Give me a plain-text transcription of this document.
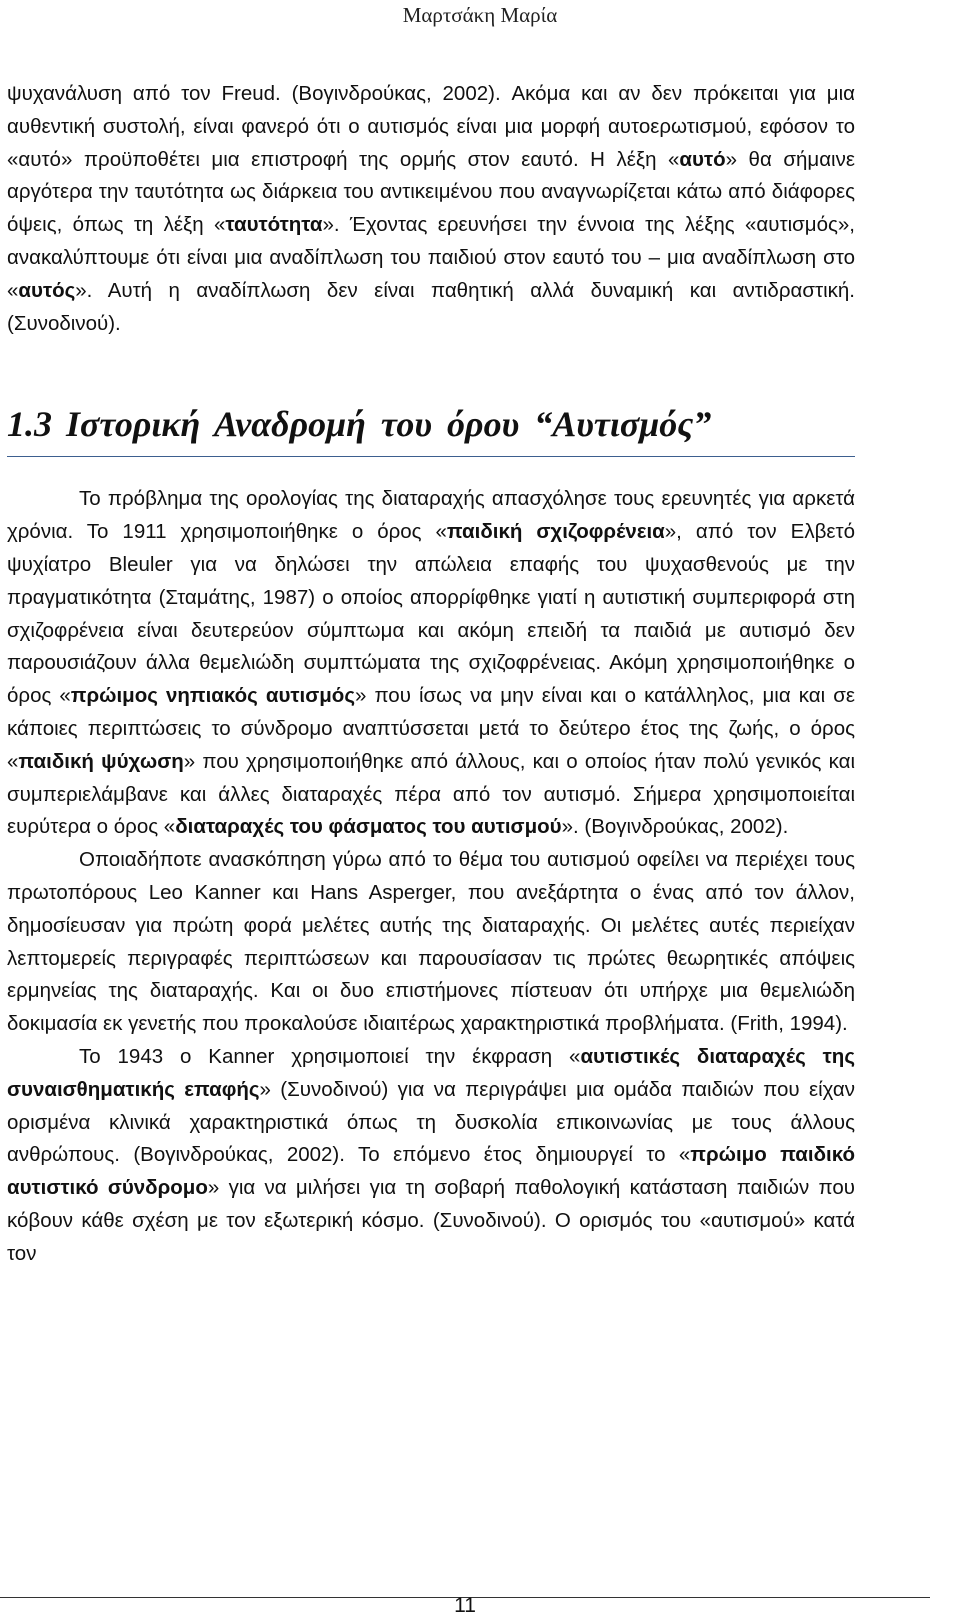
Μαρτσάκη Μαρία

ψυχανάλυση από τον Freud. (Βογινδρούκας, 2002). Ακόμα και αν δεν πρόκειται για μια αυθεντική συστολή, είναι φανερό ότι ο αυτισμός είναι μια μορφή αυτοερωτισμού, εφόσον το «αυτό» προϋποθέτει μια επιστροφή της ορμής στον εαυτό. Η λέξη «αυτό» θα σήμαινε αργότερα την ταυτότητα ως διάρκεια του αντικειμένου που αναγνωρίζεται κάτω από διάφορες όψεις, όπως τη λέξη «ταυτότητα». Έχοντας ερευνήσει την έννοια της λέξης «αυτισμός», ανακαλύπτουμε ότι είναι μια αναδίπλωση του παιδιού στον εαυτό του – μια αναδίπλωση στο «αυτός». Αυτή η αναδίπλωση δεν είναι παθητική αλλά δυναμική και αντιδραστική. (Συνοδινού).

1.3 Ιστορική Αναδρομή του όρου “Αυτισμός”

Το πρόβλημα της ορολογίας της διαταραχής απασχόλησε τους ερευνητές για αρκετά χρόνια. Το 1911 χρησιμοποιήθηκε ο όρος «παιδική σχιζοφρένεια», από τον Ελβετό ψυχίατρο Bleuler για να δηλώσει την απώλεια επαφής του ψυχασθενούς με την πραγματικότητα (Σταμάτης, 1987) ο οποίος απορρίφθηκε γιατί η αυτιστική συμπεριφορά στη σχιζοφρένεια είναι δευτερεύον σύμπτωμα και ακόμη επειδή τα παιδιά με αυτισμό δεν παρουσιάζουν άλλα θεμελιώδη συμπτώματα της σχιζοφρένειας. Ακόμη χρησιμοποιήθηκε ο όρος «πρώιμος νηπιακός αυτισμός» που ίσως να μην είναι και ο κατάλληλος, μια και σε κάποιες περιπτώσεις το σύνδρομο αναπτύσσεται μετά το δεύτερο έτος της ζωής, ο όρος «παιδική ψύχωση» που χρησιμοποιήθηκε από άλλους, και ο οποίος ήταν πολύ γενικός και συμπεριελάμβανε και άλλες διαταραχές πέρα από τον αυτισμό. Σήμερα χρησιμοποιείται ευρύτερα ο όρος «διαταραχές του φάσματος του αυτισμού». (Βογινδρούκας, 2002).

Οποιαδήποτε ανασκόπηση γύρω από το θέμα του αυτισμού οφείλει να περιέχει τους πρωτοπόρους Leo Kanner και Hans Asperger, που ανεξάρτητα ο ένας από τον άλλον, δημοσίευσαν για πρώτη φορά μελέτες αυτής της διαταραχής. Οι μελέτες αυτές περιείχαν λεπτομερείς περιγραφές περιπτώσεων και παρουσίασαν τις πρώτες θεωρητικές απόψεις ερμηνείας της διαταραχής. Και οι δυο επιστήμονες πίστευαν ότι υπήρχε μια θεμελιώδη δοκιμασία εκ γενετής που προκαλούσε ιδιαιτέρως χαρακτηριστικά προβλήματα. (Frith, 1994).

Το 1943 ο Kanner χρησιμοποιεί την έκφραση «αυτιστικές διαταραχές της συναισθηματικής επαφής» (Συνοδινού) για να περιγράψει μια ομάδα παιδιών που είχαν ορισμένα κλινικά χαρακτηριστικά όπως τη δυσκολία επικοινωνίας με τους άλλους ανθρώπους. (Βογινδρούκας, 2002). Το επόμενο έτος δημιουργεί το «πρώιμο παιδικό αυτιστικό σύνδρομο» για να μιλήσει για τη σοβαρή παθολογική κατάσταση παιδιών που κόβουν κάθε σχέση με τον εξωτερική κόσμο. (Συνοδινού). Ο ορισμός του «αυτισμού» κατά τον

11
